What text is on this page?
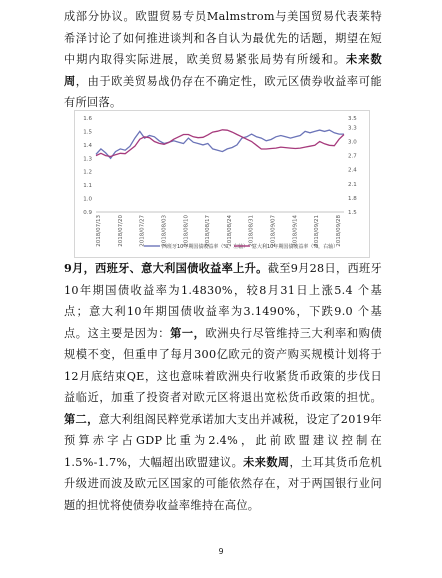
成部分协议。欧盟贸易专员Malmstrom与美国贸易代表莱特希泽讨论了如何推进谈判和各自认为最优先的话题，期望在短中期内取得实际进展，欧美贸易紧张局势有所缓和。未来数周，由于欧美贸易战仍存在不确定性，欧元区债券收益率可能有所回落。
0.9
1.0
1.1
1.2
1.3
1.4
1.5
1.6
1.5
1.8
2.1
2.4
2.7
3.0
3.3
3.5
2018/07/13	2018/07/20	2018/07/27	2018/08/03	2018/08/10	2018/08/17	2018/08/24	2018/08/31	2018/09/07	2018/09/14	2018/09/21	2018/09/28
西班牙10年期国债收益率（%，左轴） 意大利10年期国债收益率（%，右轴）
9月，西班牙、意大利国债收益率上升。截至9月28日，西班牙10年期国债收益率为1.4830%，较8月31日上涨5.4 个基点；意大利10年期国债收益率为3.1490%，下跌9.0 个基点。这主要是因为：第一，欧洲央行尽管维持三大利率和购债规模不变，但重申了每月300亿欧元的资产购买规模计划将于12月底结束QE，这也意味着欧洲央行收紧货币政策的步伐日益临近，加重了投资者对欧元区将退出宽松货币政策的担忧。第二，意大利组阁民粹党承诺加大支出并减税，设定了2019年预算赤字占GDP比重为2.4%，此前欧盟建议控制在1.5%-1.7%，大幅超出欧盟建议。未来数周，土耳其货币危机升级进而波及欧元区国家的可能依然存在，对于两国银行业问题的担忧将使债券收益率维持在高位。
9
